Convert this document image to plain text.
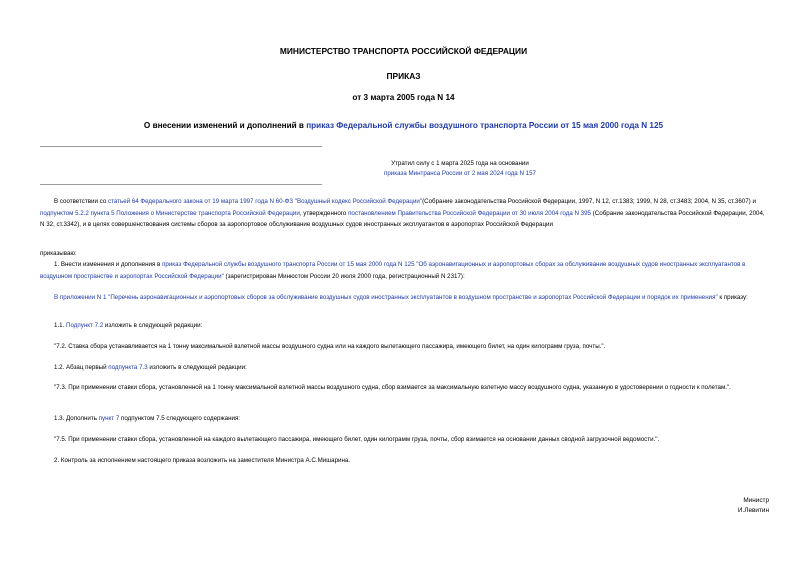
МИНИСТЕРСТВО ТРАНСПОРТА РОССИЙСКОЙ ФЕДЕРАЦИИ
ПРИКАЗ
от 3 марта 2005 года N 14
О внесении изменений и дополнений в приказ Федеральной службы воздушного транспорта России от 15 мая 2000 года N 125
Утратил силу с 1 марта 2025 года на основании
приказа Минтранса России от 2 мая 2024 года N 157
В соответствии со статьей 64 Федерального закона от 19 марта 1997 года N 60-ФЗ "Воздушный кодекс Российской Федерации"(Собрание законодательства Российской Федерации, 1997, N 12, ст.1383; 1999, N 28, ст.3483; 2004, N 35, ст.3607) и подпунктом 5.2.2 пункта 5 Положения о Министерстве транспорта Российской Федерации, утвержденного постановлением Правительства Российской Федерации от 30 июля 2004 года N 395 (Собрание законодательства Российской Федерации, 2004, N 32, ст.3342), и в целях совершенствования системы сборов за аэропортовое обслуживание воздушных судов иностранных эксплуатантов в аэропортах Российской Федерации
приказываю:
1. Внести изменения и дополнения в приказ Федеральной службы воздушного транспорта России от 15 мая 2000 года N 125 "Об аэронавигационных и аэропортовых сборах за обслуживание воздушных судов иностранных эксплуатантов в воздушном пространстве и аэропортах Российской Федерации" (зарегистрирован Минюстом России 20 июля 2000 года, регистрационный N 2317):
В приложении N 1 "Перечень аэронавигационных и аэропортовых сборов за обслуживание воздушных судов иностранных эксплуатантов в воздушном пространстве и аэропортах Российской Федерации и порядок их применения" к приказу:
1.1. Подпункт 7.2 изложить в следующей редакции:
"7.2. Ставка сбора устанавливается на 1 тонну максимальной взлетной массы воздушного судна или на каждого вылетающего пассажира, имеющего билет, на один килограмм груза, почты.".
1.2. Абзац первый подпункта 7.3 изложить в следующей редакции:
"7.3. При применении ставки сбора, установленной на 1 тонну максимальной взлетной массы воздушного судна, сбор взимается за максимальную взлетную массу воздушного судна, указанную в удостоверении о годности к полетам.".
1.3. Дополнить пункт 7 подпунктом 7.5 следующего содержания:
"7.5. При применении ставки сбора, установленной на каждого вылетающего пассажира, имеющего билет, один килограмм груза, почты, сбор взимается на основании данных сводной загрузочной ведомости.".
2. Контроль за исполнением настоящего приказа возложить на заместителя Министра А.С.Мишарина.
Министр
И.Левитин
